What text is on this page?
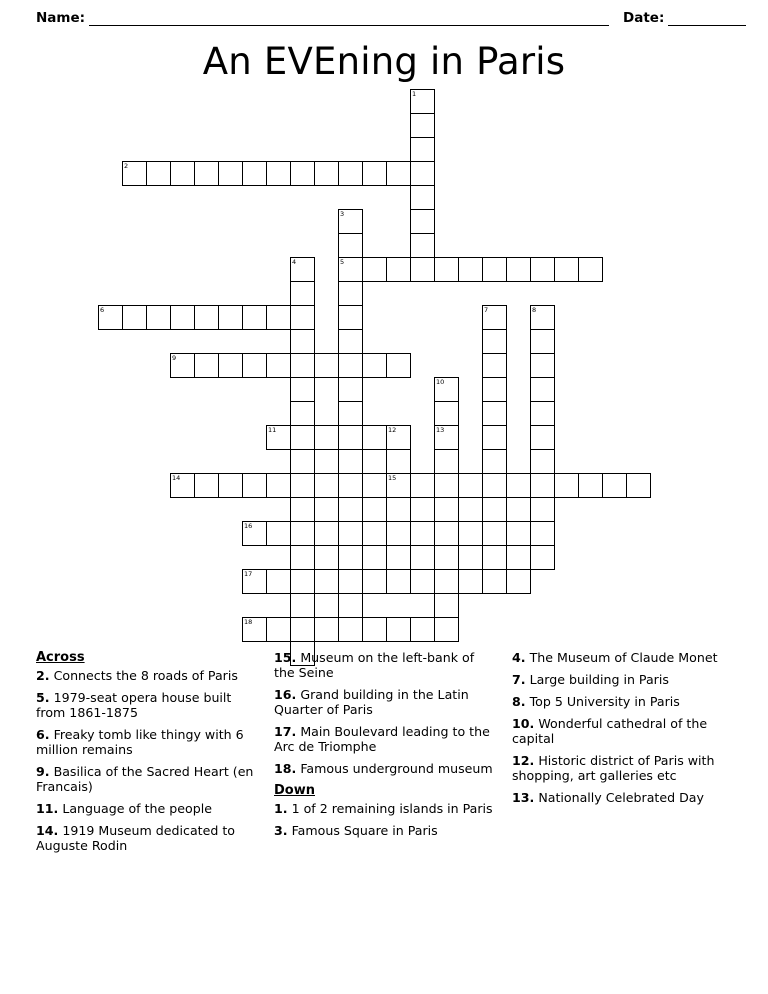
Name:	Date:
An EVEning in Paris
1
2
3
4	5
6	7	8
9
10
11	12	13
14	15
16
17
18
Across
2. Connects the 8 roads of Paris
5. 1979-seat opera house built from 1861-1875
6. Freaky tomb like thingy with 6 million remains
9. Basilica of the Sacred Heart (en Francais)
11. Language of the people
14. 1919 Museum dedicated to Auguste Rodin
15. Museum on the left-bank of the Seine
16. Grand building in the Latin Quarter of Paris
17. Main Boulevard leading to the Arc de Triomphe
18. Famous underground museum
Down
1. 1 of 2 remaining islands in Paris
3. Famous Square in Paris
4. The Museum of Claude Monet
7. Large building in Paris
8. Top 5 University in Paris
10. Wonderful cathedral of the capital
12. Historic district of Paris with shopping, art galleries etc
13. Nationally Celebrated Day
